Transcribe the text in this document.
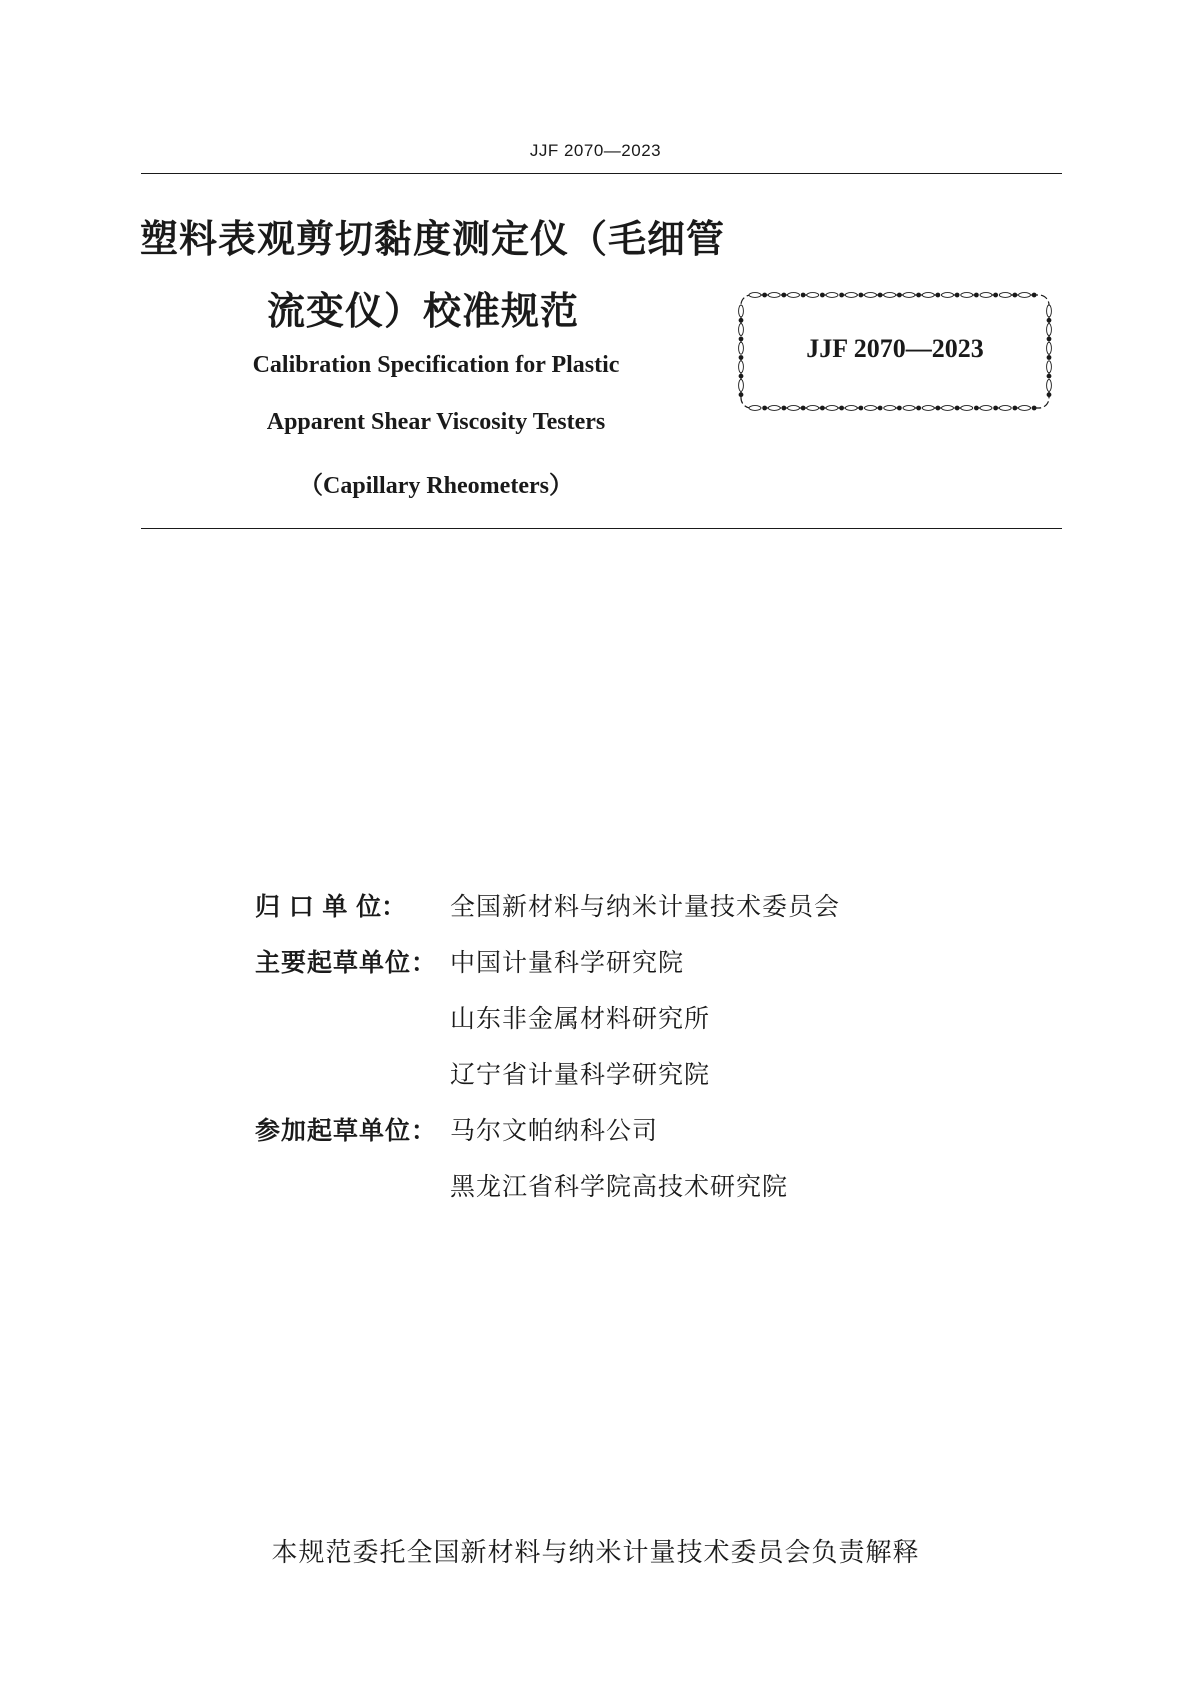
JJF 2070—2023
塑料表观剪切黏度测定仪（毛细管
流变仪）校准规范
Calibration Specification for Plastic
Apparent Shear Viscosity Testers
（Capillary Rheometers）
JJF 2070—2023
归 口 单 位： 全国新材料与纳米计量技术委员会
主要起草单位： 中国计量科学研究院
山东非金属材料研究所
辽宁省计量科学研究院
参加起草单位： 马尔文帕纳科公司
黑龙江省科学院高技术研究院
本规范委托全国新材料与纳米计量技术委员会负责解释
